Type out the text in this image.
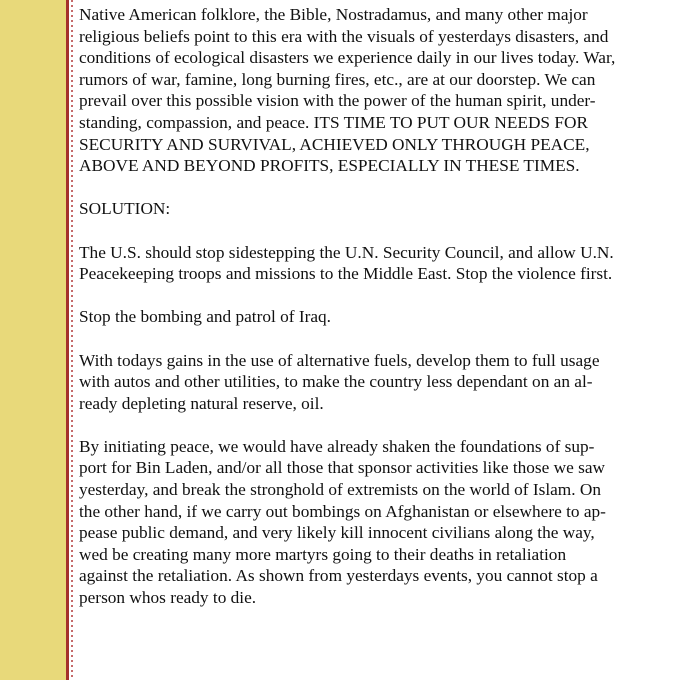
Native American folklore, the Bible, Nostradamus, and many other major
religious beliefs point to this era with the visuals of yesterdays disasters, and
conditions of ecological disasters we experience daily in our lives today. War,
rumors of war, famine, long burning fires, etc., are at our doorstep. We can
prevail over this possible vision with the power of the human spirit, under-
standing, compassion, and peace. ITS TIME TO PUT OUR NEEDS FOR
SECURITY AND SURVIVAL, ACHIEVED ONLY THROUGH PEACE,
ABOVE AND BEYOND PROFITS, ESPECIALLY IN THESE TIMES.

SOLUTION:

The U.S. should stop sidestepping the U.N. Security Council, and allow U.N.
Peacekeeping troops and missions to the Middle East. Stop the violence first.

Stop the bombing and patrol of Iraq.

With todays gains in the use of alternative fuels, develop them to full usage
with autos and other utilities, to make the country less dependant on an al-
ready depleting natural reserve, oil.

By initiating peace, we would have already shaken the foundations of sup-
port for Bin Laden, and/or all those that sponsor activities like those we saw
yesterday, and break the stronghold of extremists on the world of Islam. On
the other hand, if we carry out bombings on Afghanistan or elsewhere to ap-
pease public demand, and very likely kill innocent civilians along the way,
wed be creating many more martyrs going to their deaths in retaliation
against the retaliation. As shown from yesterdays events, you cannot stop a
person whos ready to die.
